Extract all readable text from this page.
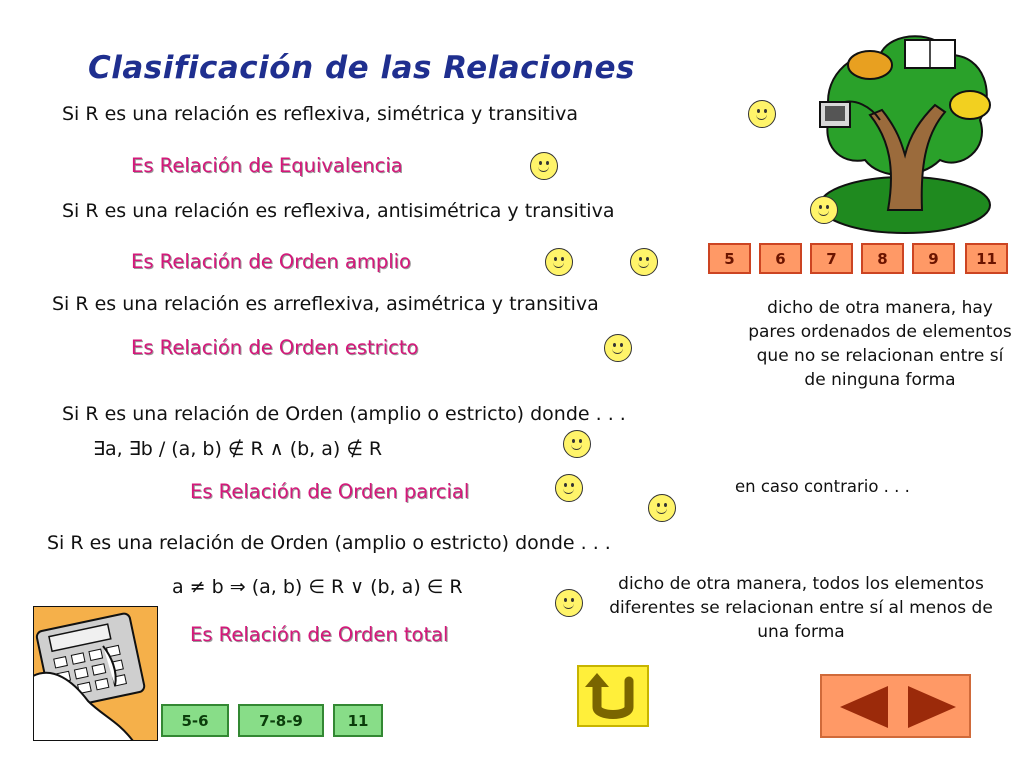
Clasificación de las Relaciones
Si R es una relación es reflexiva, simétrica y transitiva
Es Relación de Equivalencia
Si R es una relación es reflexiva, antisimétrica y transitiva
Es Relación de Orden amplio	5	6	7	8	9	11
Si R es una relación es arreflexiva, asimétrica y transitiva
Es Relación de Orden estricto
dicho de otra manera, hay pares ordenados de elementos que no se relacionan entre sí de ninguna forma
Si R es una relación de Orden (amplio o estricto) donde . . .
∃a, ∃b / (a, b) ∉ R ∧ (b, a) ∉ R
Es Relación de Orden parcial	en caso contrario . . .
Si R es una relación de Orden (amplio o estricto) donde . . .
a ≠ b ⇒ (a, b) ∈ R ∨ (b, a) ∈ R
Es Relación de Orden total
dicho de otra manera, todos los elementos diferentes se relacionan entre sí al menos de una forma
5-6	7-8-9	11
